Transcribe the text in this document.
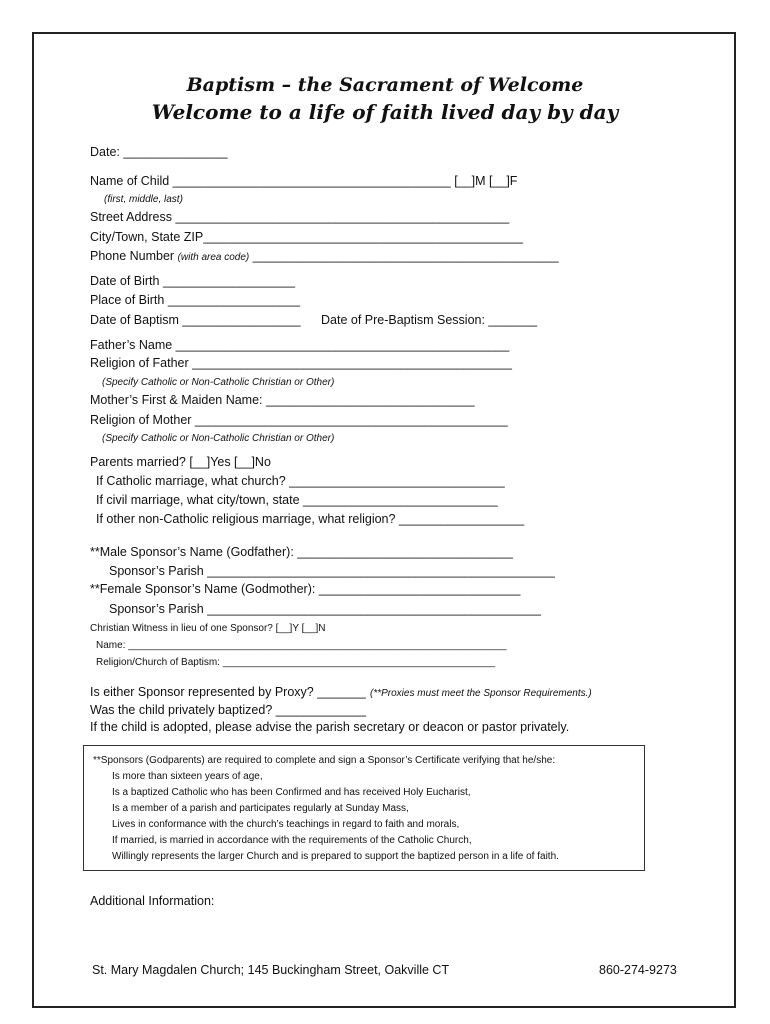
Baptism – the Sacrament of Welcome
Welcome to a life of faith lived day by day
Date: _______________
Name of Child ________________________________________ [__]M [__]F
(first, middle, last)
Street Address ________________________________________________
City/Town, State ZIP______________________________________________
Phone Number (with area code) ____________________________________________
Date of Birth ___________________
Place of Birth ___________________
Date of Baptism _________________ Date of Pre-Baptism Session: _______
Father’s Name ________________________________________________
Religion of Father ______________________________________________
(Specify Catholic or Non-Catholic Christian or Other)
Mother’s First & Maiden Name: ______________________________
Religion of Mother _____________________________________________
(Specify Catholic or Non-Catholic Christian or Other)
Parents married? [__]Yes [__]No
If Catholic marriage, what church? _______________________________
If civil marriage, what city/town, state ____________________________
If other non-Catholic religious marriage, what religion? __________________
**Male Sponsor’s Name (Godfather): _______________________________
Sponsor’s Parish __________________________________________________
**Female Sponsor’s Name (Godmother): _____________________________
Sponsor’s Parish ________________________________________________
Christian Witness in lieu of one Sponsor? [__]Y [__]N
Name: ____________________________________________________________________
Religion/Church of Baptism: _________________________________________________
Is either Sponsor represented by Proxy? _______ (**Proxies must meet the Sponsor Requirements.)
Was the child privately baptized? _____________
If the child is adopted, please advise the parish secretary or deacon or pastor privately.
**Sponsors (Godparents) are required to complete and sign a Sponsor’s Certificate verifying that he/she:
Is more than sixteen years of age,
Is a baptized Catholic who has been Confirmed and has received Holy Eucharist,
Is a member of a parish and participates regularly at Sunday Mass,
Lives in conformance with the church’s teachings in regard to faith and morals,
If married, is married in accordance with the requirements of the Catholic Church,
Willingly represents the larger Church and is prepared to support the baptized person in a life of faith.
Additional Information:
St. Mary Magdalen Church; 145 Buckingham Street, Oakville CT	860-274-9273
